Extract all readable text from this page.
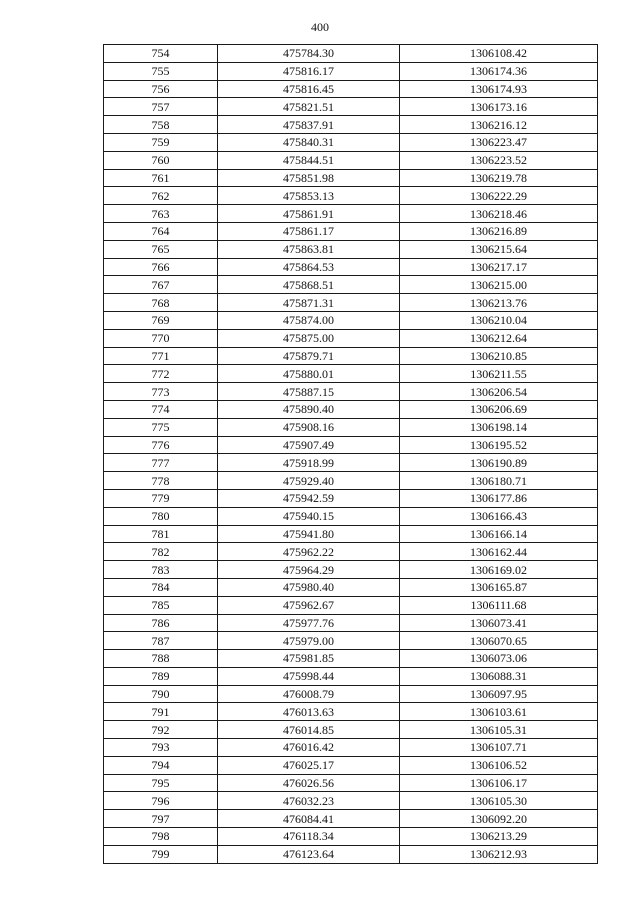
400
754	475784.30	1306108.42
755	475816.17	1306174.36
756	475816.45	1306174.93
757	475821.51	1306173.16
758	475837.91	1306216.12
759	475840.31	1306223.47
760	475844.51	1306223.52
761	475851.98	1306219.78
762	475853.13	1306222.29
763	475861.91	1306218.46
764	475861.17	1306216.89
765	475863.81	1306215.64
766	475864.53	1306217.17
767	475868.51	1306215.00
768	475871.31	1306213.76
769	475874.00	1306210.04
770	475875.00	1306212.64
771	475879.71	1306210.85
772	475880.01	1306211.55
773	475887.15	1306206.54
774	475890.40	1306206.69
775	475908.16	1306198.14
776	475907.49	1306195.52
777	475918.99	1306190.89
778	475929.40	1306180.71
779	475942.59	1306177.86
780	475940.15	1306166.43
781	475941.80	1306166.14
782	475962.22	1306162.44
783	475964.29	1306169.02
784	475980.40	1306165.87
785	475962.67	1306111.68
786	475977.76	1306073.41
787	475979.00	1306070.65
788	475981.85	1306073.06
789	475998.44	1306088.31
790	476008.79	1306097.95
791	476013.63	1306103.61
792	476014.85	1306105.31
793	476016.42	1306107.71
794	476025.17	1306106.52
795	476026.56	1306106.17
796	476032.23	1306105.30
797	476084.41	1306092.20
798	476118.34	1306213.29
799	476123.64	1306212.93
